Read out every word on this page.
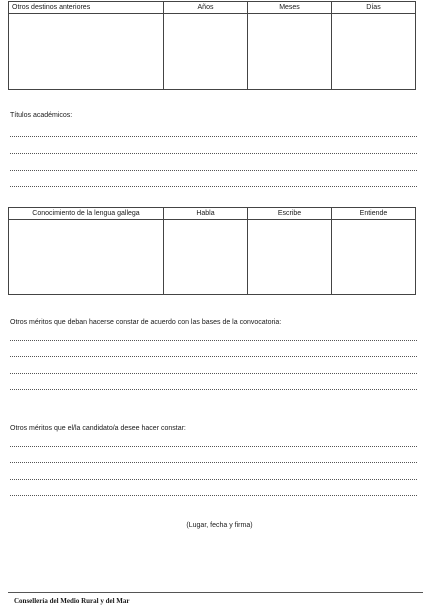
Otros destinos anteriores	Años	Meses	Días

Títulos académicos:
Conocimiento de la lengua gallega	Habla	Escribe	Entiende

Otros méritos que deban hacerse constar de acuerdo con las bases de la convocatoria:
Otros méritos que el/la candidato/a desee hacer constar:
(Lugar, fecha y firma)
Consellería del Medio Rural y del Mar
